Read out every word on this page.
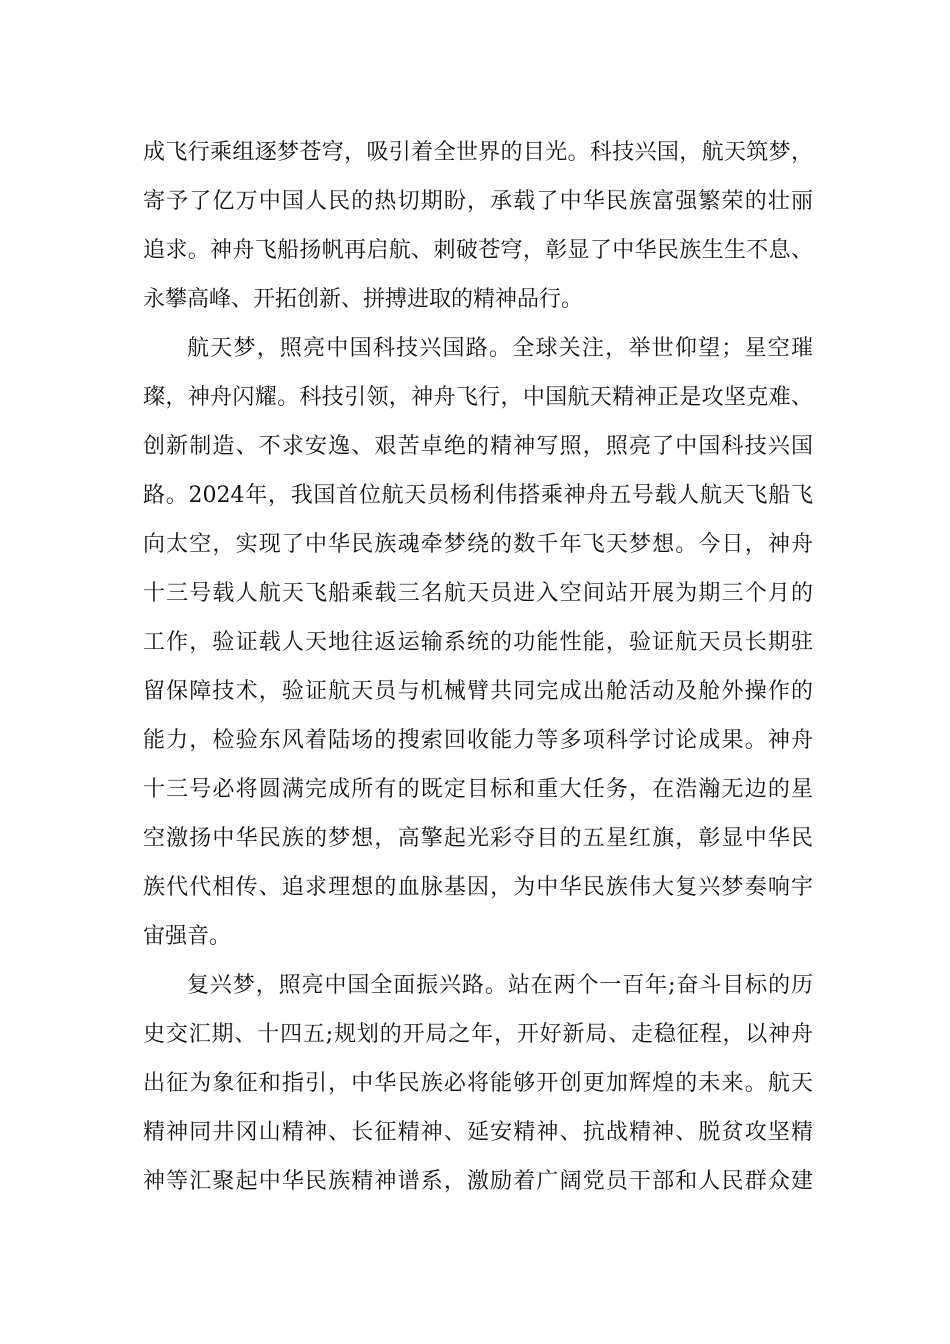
成飞行乘组逐梦苍穹，吸引着全世界的目光。科技兴国，航天筑梦，
寄予了亿万中国人民的热切期盼，承载了中华民族富强繁荣的壮丽
追求。神舟飞船扬帆再启航、刺破苍穹，彰显了中华民族生生不息、
永攀高峰、开拓创新、拼搏进取的精神品行。
航天梦，照亮中国科技兴国路。全球关注，举世仰望；星空璀
璨，神舟闪耀。科技引领，神舟飞行，中国航天精神正是攻坚克难、
创新制造、不求安逸、艰苦卓绝的精神写照，照亮了中国科技兴国
路。2024年，我国首位航天员杨利伟搭乘神舟五号载人航天飞船飞
向太空，实现了中华民族魂牵梦绕的数千年飞天梦想。今日，神舟
十三号载人航天飞船乘载三名航天员进入空间站开展为期三个月的
工作，验证载人天地往返运输系统的功能性能，验证航天员长期驻
留保障技术，验证航天员与机械臂共同完成出舱活动及舱外操作的
能力，检验东风着陆场的搜索回收能力等多项科学讨论成果。神舟
十三号必将圆满完成所有的既定目标和重大任务，在浩瀚无边的星
空激扬中华民族的梦想，高擎起光彩夺目的五星红旗，彰显中华民
族代代相传、追求理想的血脉基因，为中华民族伟大复兴梦奏响宇
宙强音。
复兴梦，照亮中国全面振兴路。站在两个一百年;奋斗目标的历
史交汇期、十四五;规划的开局之年，开好新局、走稳征程，以神舟
出征为象征和指引，中华民族必将能够开创更加辉煌的未来。航天
精神同井冈山精神、长征精神、延安精神、抗战精神、脱贫攻坚精
神等汇聚起中华民族精神谱系，激励着广阔党员干部和人民群众建
